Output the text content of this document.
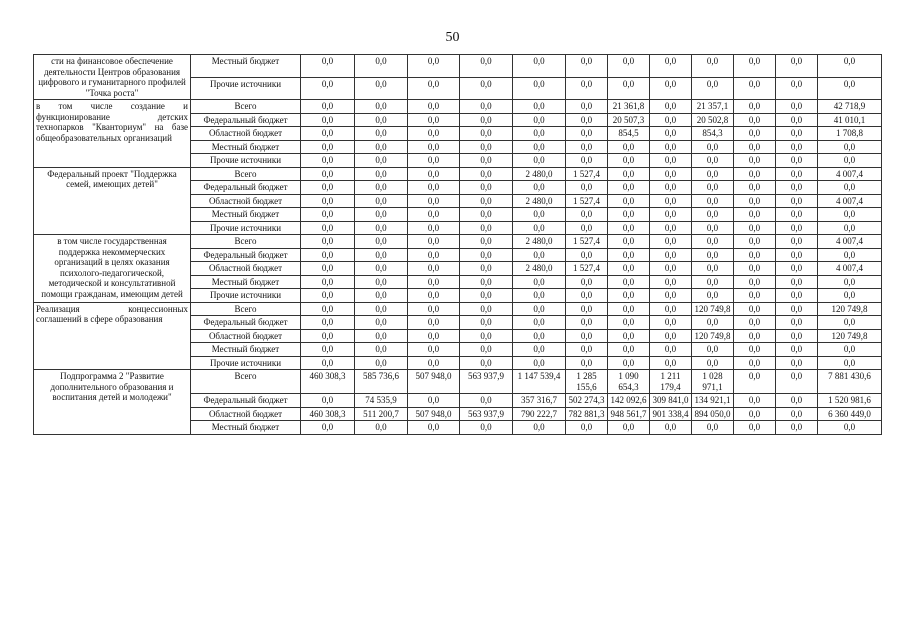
50
сти на финансовое обеспечение деятельности Центров образования цифрового и гуманитарного профилей "Точка роста"	Местный бюджет	0,0	0,0	0,0	0,0	0,0	0,0	0,0	0,0	0,0	0,0	0,0	0,0
	Прочие источники	0,0	0,0	0,0	0,0	0,0	0,0	0,0	0,0	0,0	0,0	0,0	0,0
в том числе создание и функционирование детских технопарков "Кванториум" на базе общеобразовательных организаций	Всего	0,0	0,0	0,0	0,0	0,0	0,0	21 361,8	0,0	21 357,1	0,0	0,0	42 718,9
	Федеральный бюджет	0,0	0,0	0,0	0,0	0,0	0,0	20 507,3	0,0	20 502,8	0,0	0,0	41 010,1
	Областной бюджет	0,0	0,0	0,0	0,0	0,0	0,0	854,5	0,0	854,3	0,0	0,0	1 708,8
	Местный бюджет	0,0	0,0	0,0	0,0	0,0	0,0	0,0	0,0	0,0	0,0	0,0	0,0
	Прочие источники	0,0	0,0	0,0	0,0	0,0	0,0	0,0	0,0	0,0	0,0	0,0	0,0
Федеральный проект "Поддержка семей, имеющих детей"	Всего	0,0	0,0	0,0	0,0	2 480,0	1 527,4	0,0	0,0	0,0	0,0	0,0	4 007,4
	Федеральный бюджет	0,0	0,0	0,0	0,0	0,0	0,0	0,0	0,0	0,0	0,0	0,0	0,0
	Областной бюджет	0,0	0,0	0,0	0,0	2 480,0	1 527,4	0,0	0,0	0,0	0,0	0,0	4 007,4
	Местный бюджет	0,0	0,0	0,0	0,0	0,0	0,0	0,0	0,0	0,0	0,0	0,0	0,0
	Прочие источники	0,0	0,0	0,0	0,0	0,0	0,0	0,0	0,0	0,0	0,0	0,0	0,0
в том числе государственная поддержка некоммерческих организаций в целях оказания психолого-педагогической, методической и консультативной помощи гражданам, имеющим детей	Всего	0,0	0,0	0,0	0,0	2 480,0	1 527,4	0,0	0,0	0,0	0,0	0,0	4 007,4
	Федеральный бюджет	0,0	0,0	0,0	0,0	0,0	0,0	0,0	0,0	0,0	0,0	0,0	0,0
	Областной бюджет	0,0	0,0	0,0	0,0	2 480,0	1 527,4	0,0	0,0	0,0	0,0	0,0	4 007,4
	Местный бюджет	0,0	0,0	0,0	0,0	0,0	0,0	0,0	0,0	0,0	0,0	0,0	0,0
	Прочие источники	0,0	0,0	0,0	0,0	0,0	0,0	0,0	0,0	0,0	0,0	0,0	0,0
Реализация концессионных соглашений в сфере образования	Всего	0,0	0,0	0,0	0,0	0,0	0,0	0,0	0,0	120 749,8	0,0	0,0	120 749,8
	Федеральный бюджет	0,0	0,0	0,0	0,0	0,0	0,0	0,0	0,0	0,0	0,0	0,0	0,0
	Областной бюджет	0,0	0,0	0,0	0,0	0,0	0,0	0,0	0,0	120 749,8	0,0	0,0	120 749,8
	Местный бюджет	0,0	0,0	0,0	0,0	0,0	0,0	0,0	0,0	0,0	0,0	0,0	0,0
	Прочие источники	0,0	0,0	0,0	0,0	0,0	0,0	0,0	0,0	0,0	0,0	0,0	0,0
Подпрограмма 2 "Развитие дополнительного образования и воспитания детей и молодежи"	Всего	460 308,3	585 736,6	507 948,0	563 937,9	1 147 539,4	1 285 155,6	1 090 654,3	1 211 179,4	1 028 971,1	0,0	0,0	7 881 430,6
	Федеральный бюджет	0,0	74 535,9	0,0	0,0	357 316,7	502 274,3	142 092,6	309 841,0	134 921,1	0,0	0,0	1 520 981,6
	Областной бюджет	460 308,3	511 200,7	507 948,0	563 937,9	790 222,7	782 881,3	948 561,7	901 338,4	894 050,0	0,0	0,0	6 360 449,0
	Местный бюджет	0,0	0,0	0,0	0,0	0,0	0,0	0,0	0,0	0,0	0,0	0,0	0,0
